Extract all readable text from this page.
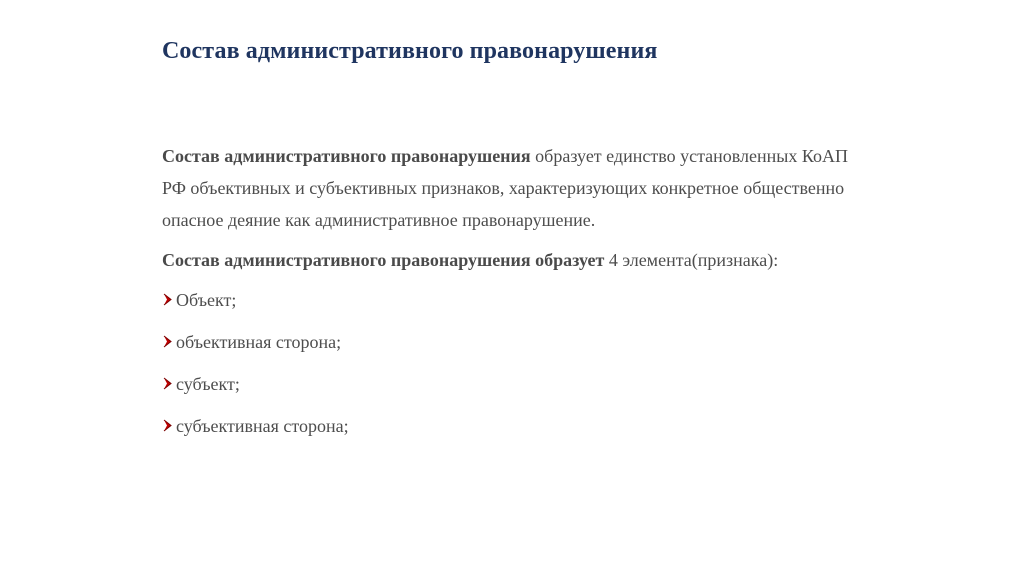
Состав административного правонарушения

Состав административного правонарушения образует единство установленных КоАП РФ объективных и субъективных признаков, характеризующих конкретное общественно опасное деяние как административное правонарушение.

Состав административного правонарушения образует 4 элемента(признака):

Объект;
объективная сторона;
субъект;
субъективная сторона;
